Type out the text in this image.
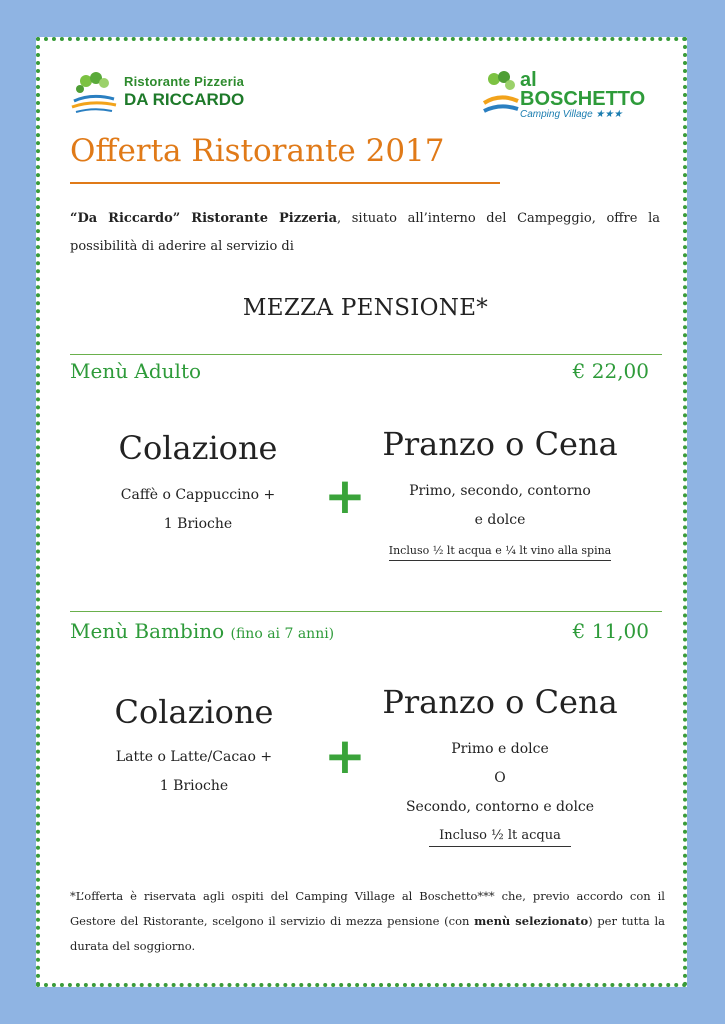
Ristorante Pizzeria
DA RICCARDO
al
BOSCHETTO
Camping Village ★★★
Offerta Ristorante 2017
“Da Riccardo” Ristorante Pizzeria, situato all’interno del Campeggio, offre la possibilità di aderire al servizio di
MEZZA PENSIONE*
Menù Adulto	€ 22,00
Colazione
Caffè o Cappuccino +
1 Brioche	+
Pranzo o Cena
Primo, secondo, contorno
e dolce
Incluso ½ lt acqua e ¼ lt vino alla spina
Menù Bambino (fino ai 7 anni)	€ 11,00
Colazione
Latte o Latte/Cacao +
1 Brioche
+
Pranzo o Cena
Primo e dolce
O
Secondo, contorno e dolce
Incluso ½ lt acqua
*L’offerta è riservata agli ospiti del Camping Village al Boschetto*** che, previo accordo con il Gestore del Ristorante, scelgono il servizio di mezza pensione (con menù selezionato) per tutta la durata del soggiorno.
